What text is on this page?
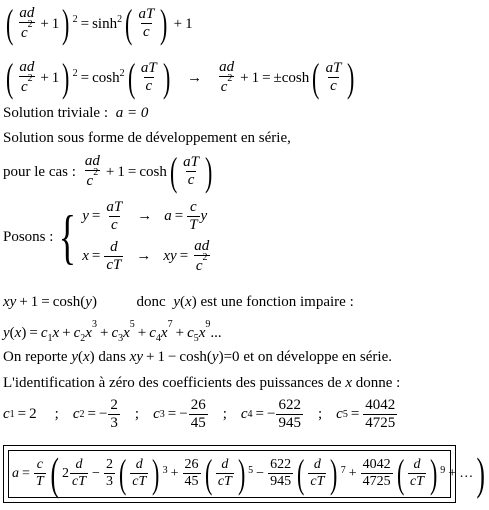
( $\frac{ad}{c^2} + 1$ ) 2 = sinh 2 ( $\frac{aT}{c}$ ) + 1
( $\frac{ad}{c^2} + 1$ ) 2 = cosh 2 ( $\frac{aT}{c}$ ) → $\frac{ad}{c^2} + 1 = \pm\cosh$ ( $\frac{aT}{c}$ )
Solution triviale : a = 0
Solution sous forme de développement en série,
pour le cas : $\frac{ad}{c^2} + 1 = \cosh$ ( $\frac{aT}{c}$ )
Posons : { $y = \frac{aT}{c} \to a = \frac{c}{T}$ y
$x = \frac{d}{cT}$ → xy = $\frac{ad}{c^2}$
xy + 1 = cosh(y)  donc y(x) est une fonction impaire :
$y(x) = c_1x + c_2x^3+ c_3x^5+ c_4x^7+ c_5x^9$...
On reporte y(x) dans xy + 1 − cosh(y)=0 et on développe en série.
L'identification à zéro des coefficients des puissances de x donne :
c 1 = 2 ; c 2 = − $\frac{2}{3}$ ; c 3 = − $\frac{26}{45}$ ; c 4 = − $\frac{622}{945}$ ; c $5 = \frac{4042}{4725}$
$a = \frac{c}{T}$ ( $2 \frac{d}{cT} - \frac{2}{3}$ ( $\frac{d}{cT}$ ) $3 + \frac{26}{45}$ ( $\frac{d}{cT}$ ) $5 - \frac{622}{945}$ ( $\frac{d}{cT}$ ) $7 + \frac{4042}{4725}$ ( $\frac{d}{cT}$ ) 9 + … )
